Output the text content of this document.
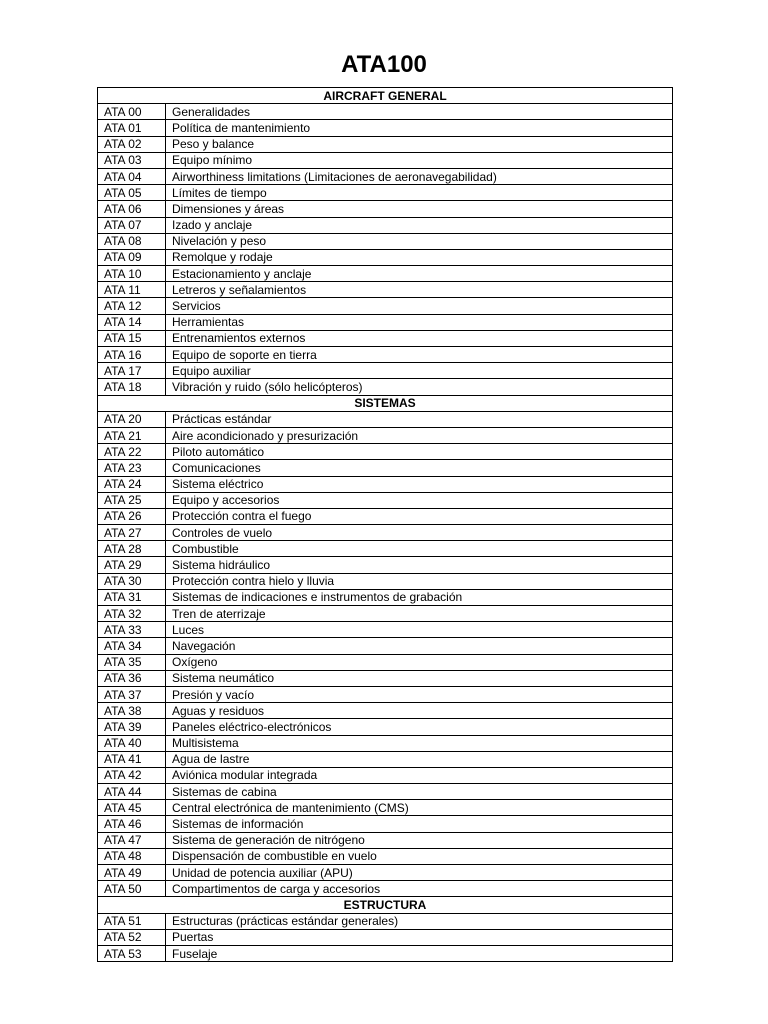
ATA100
AIRCRAFT GENERAL	
ATA 00	Generalidades
ATA 01	Política de mantenimiento
ATA 02	Peso y balance
ATA 03	Equipo mínimo
ATA 04	Airworthiness limitations (Limitaciones de aeronavegabilidad)
ATA 05	Límites de tiempo
ATA 06	Dimensiones y áreas
ATA 07	Izado y anclaje
ATA 08	Nivelación y peso
ATA 09	Remolque y rodaje
ATA 10	Estacionamiento y anclaje
ATA 11	Letreros y señalamientos
ATA 12	Servicios
ATA 14	Herramientas
ATA 15	Entrenamientos externos
ATA 16	Equipo de soporte en tierra
ATA 17	Equipo auxiliar
ATA 18	Vibración y ruido (sólo helicópteros)
SISTEMAS	
ATA 20	Prácticas estándar
ATA 21	Aire acondicionado y presurización
ATA 22	Piloto automático
ATA 23	Comunicaciones
ATA 24	Sistema eléctrico
ATA 25	Equipo y accesorios
ATA 26	Protección contra el fuego
ATA 27	Controles de vuelo
ATA 28	Combustible
ATA 29	Sistema hidráulico
ATA 30	Protección contra hielo y lluvia
ATA 31	Sistemas de indicaciones e instrumentos de grabación
ATA 32	Tren de aterrizaje
ATA 33	Luces
ATA 34	Navegación
ATA 35	Oxígeno
ATA 36	Sistema neumático
ATA 37	Presión y vacío
ATA 38	Aguas y residuos
ATA 39	Paneles eléctrico-electrónicos
ATA 40	Multisistema
ATA 41	Agua de lastre
ATA 42	Aviónica modular integrada
ATA 44	Sistemas de cabina
ATA 45	Central electrónica de mantenimiento (CMS)
ATA 46	Sistemas de información
ATA 47	Sistema de generación de nitrógeno
ATA 48	Dispensación de combustible en vuelo
ATA 49	Unidad de potencia auxiliar (APU)
ATA 50	Compartimentos de carga y accesorios
ESTRUCTURA	
ATA 51	Estructuras (prácticas estándar generales)
ATA 52	Puertas
ATA 53	Fuselaje
